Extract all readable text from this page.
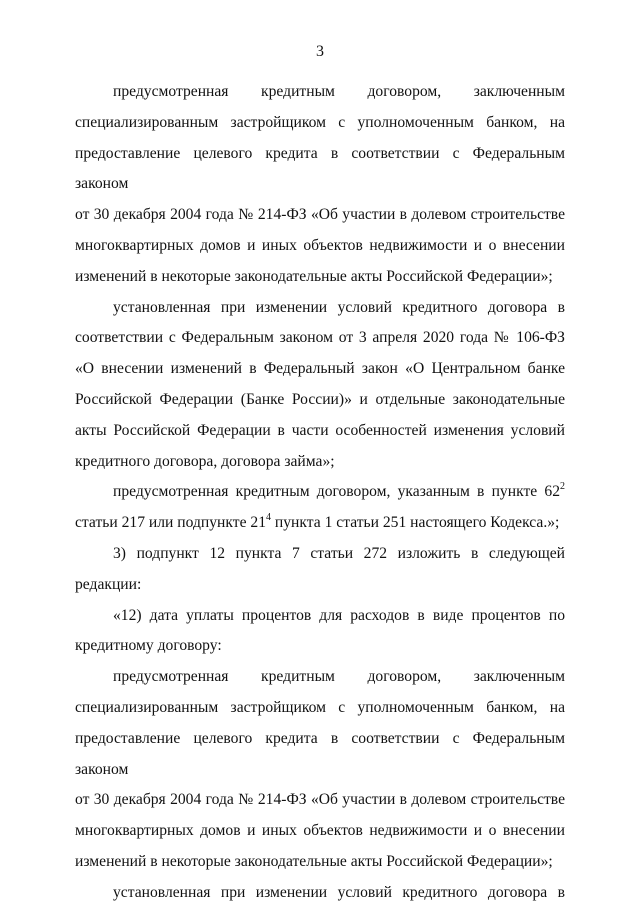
3

предусмотренная кредитным договором, заключенным
специализированным застройщиком с уполномоченным банком, на
предоставление целевого кредита в соответствии с Федеральным законом
от 30 декабря 2004 года № 214-ФЗ «Об участии в долевом строительстве
многоквартирных домов и иных объектов недвижимости и о внесении
изменений в некоторые законодательные акты Российской Федерации»;

установленная при изменении условий кредитного договора в
соответствии с Федеральным законом от 3 апреля 2020 года № 106-ФЗ
«О внесении изменений в Федеральный закон «О Центральном банке
Российской Федерации (Банке России)» и отдельные законодательные
акты Российской Федерации в части особенностей изменения условий
кредитного договора, договора займа»;

предусмотренная кредитным договором, указанным в пункте $62^2$
статьи 217 или подпункте $21^4$ пункта 1 статьи 251 настоящего Кодекса.»;

3) подпункт 12 пункта 7 статьи 272 изложить в следующей редакции:

«12) дата уплаты процентов для расходов в виде процентов по
кредитному договору:

предусмотренная кредитным договором, заключенным
специализированным застройщиком с уполномоченным банком, на
предоставление целевого кредита в соответствии с Федеральным законом
от 30 декабря 2004 года № 214-ФЗ «Об участии в долевом строительстве
многоквартирных домов и иных объектов недвижимости и о внесении
изменений в некоторые законодательные акты Российской Федерации»;

установленная при изменении условий кредитного договора в
